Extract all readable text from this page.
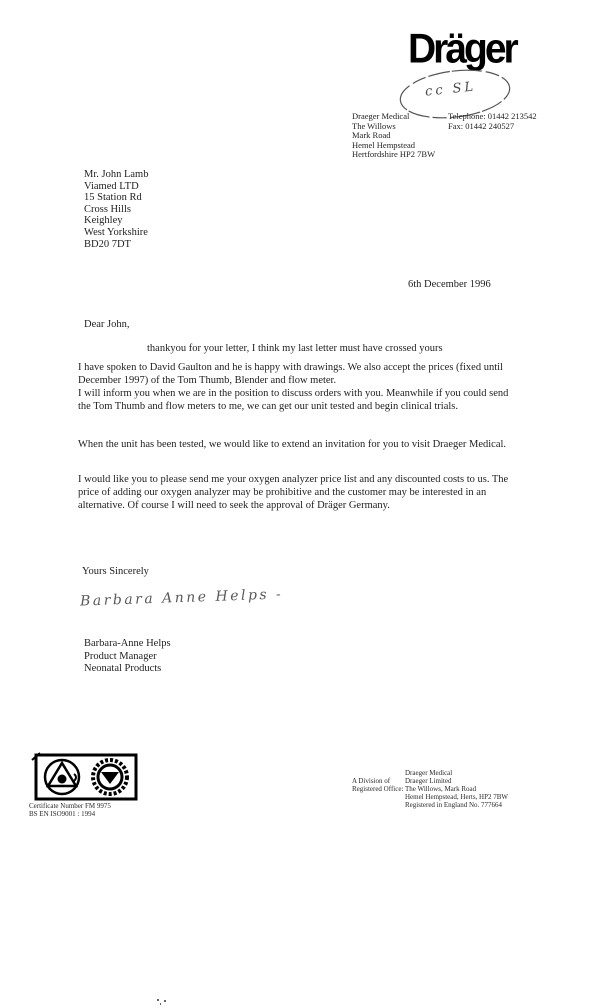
Dräger
cc SL
Draeger Medical
The Willows
Mark Road
Hemel Hempstead
Hertfordshire HP2 7BW
Telephone: 01442 213542
Fax: 01442 240527
Mr. John Lamb
Viamed LTD
15 Station Rd
Cross Hills
Keighley
West Yorkshire
BD20 7DT
6th December 1996
Dear John,
thankyou for your letter, I think my last letter must have crossed yours
I have spoken to David Gaulton and he is happy with drawings. We also accept the prices (fixed until
December 1997) of the Tom Thumb, Blender and flow meter.
I will inform you when we are in the position to discuss orders with you. Meanwhile if you could send
the Tom Thumb and flow meters to me, we can get our unit tested and begin clinical trials.
When the unit has been tested, we would like to extend an invitation for you to visit Draeger Medical.
I would like you to please send me your oxygen analyzer price list and any discounted costs to us. The
price of adding our oxygen analyzer may be prohibitive and the customer may be interested in an
alternative. Of course I will need to seek the approval of Dräger Germany.
Yours Sincerely
Barbara Anne Helps -
Barbara-Anne Helps
Product Manager
Neonatal Products
Certificate Number FM 9975
BS EN ISO9001 : 1994
Draeger Medical
A Division of Draeger Limited
Registered Office: The Willows, Mark Road
Hemel Hempstead, Herts, HP2 7BW
Registered in England No. 777664
